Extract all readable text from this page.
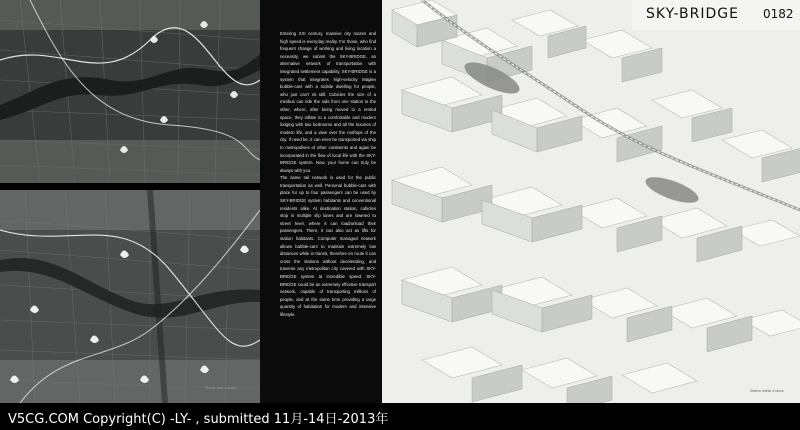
Entering XXI century, massive city mazes and high speed is everyday reality. For those, who find frequent change of working and living location a necessity, we submit the SKY-BRIDGE, an alternative network of transportation with integrated settlement capability. SKY-BRIDGE is a system that integrates high-velocity Maglev bubble-cars with a mobile dwelling for people, who just can't sit still. Cubicles the size of a minibus can ride the rails from one station to the other, where, after being moved to a rented space, they inflate to a comfortable and modern lodging with two bedrooms and all the luxuries of modern life, and a view over the rooftops of the city. If need be, it can even be transported via ship to metropolises of other continents and again be incorporated in the flow of local life with the SKY-BRIDGE system. Now, your home can truly be always with you.

The same rail network is used for the public transportation as well. Personal bubble-cars with place for up to four passengers can be used by SKY-BRIDGE system habitants and conventional residents alike. At destination station, cubicles stop in multiple slip lanes and are lowered to street level, where it can load/unload their passengers. There, it can also act as lifts for station habitants. Computer managed network allows bubble-cars to maintain extremely low distances while in transit, therefore en route it can cross the stations without decelerating, and traverse any metropolitan city covered with SKY-BRIDGE system at incredible speed. SKY-BRIDGE could be an extremely effective transport network, capable of transporting millions of people, and at the same time providing a large quantity of habitation for modern and intensive lifestyle.

Route over London
SKY-BRIDGE 0182
Station within a block
V5CG.COM Copyright(C) -LY- , submitted 11月-14日-2013年
